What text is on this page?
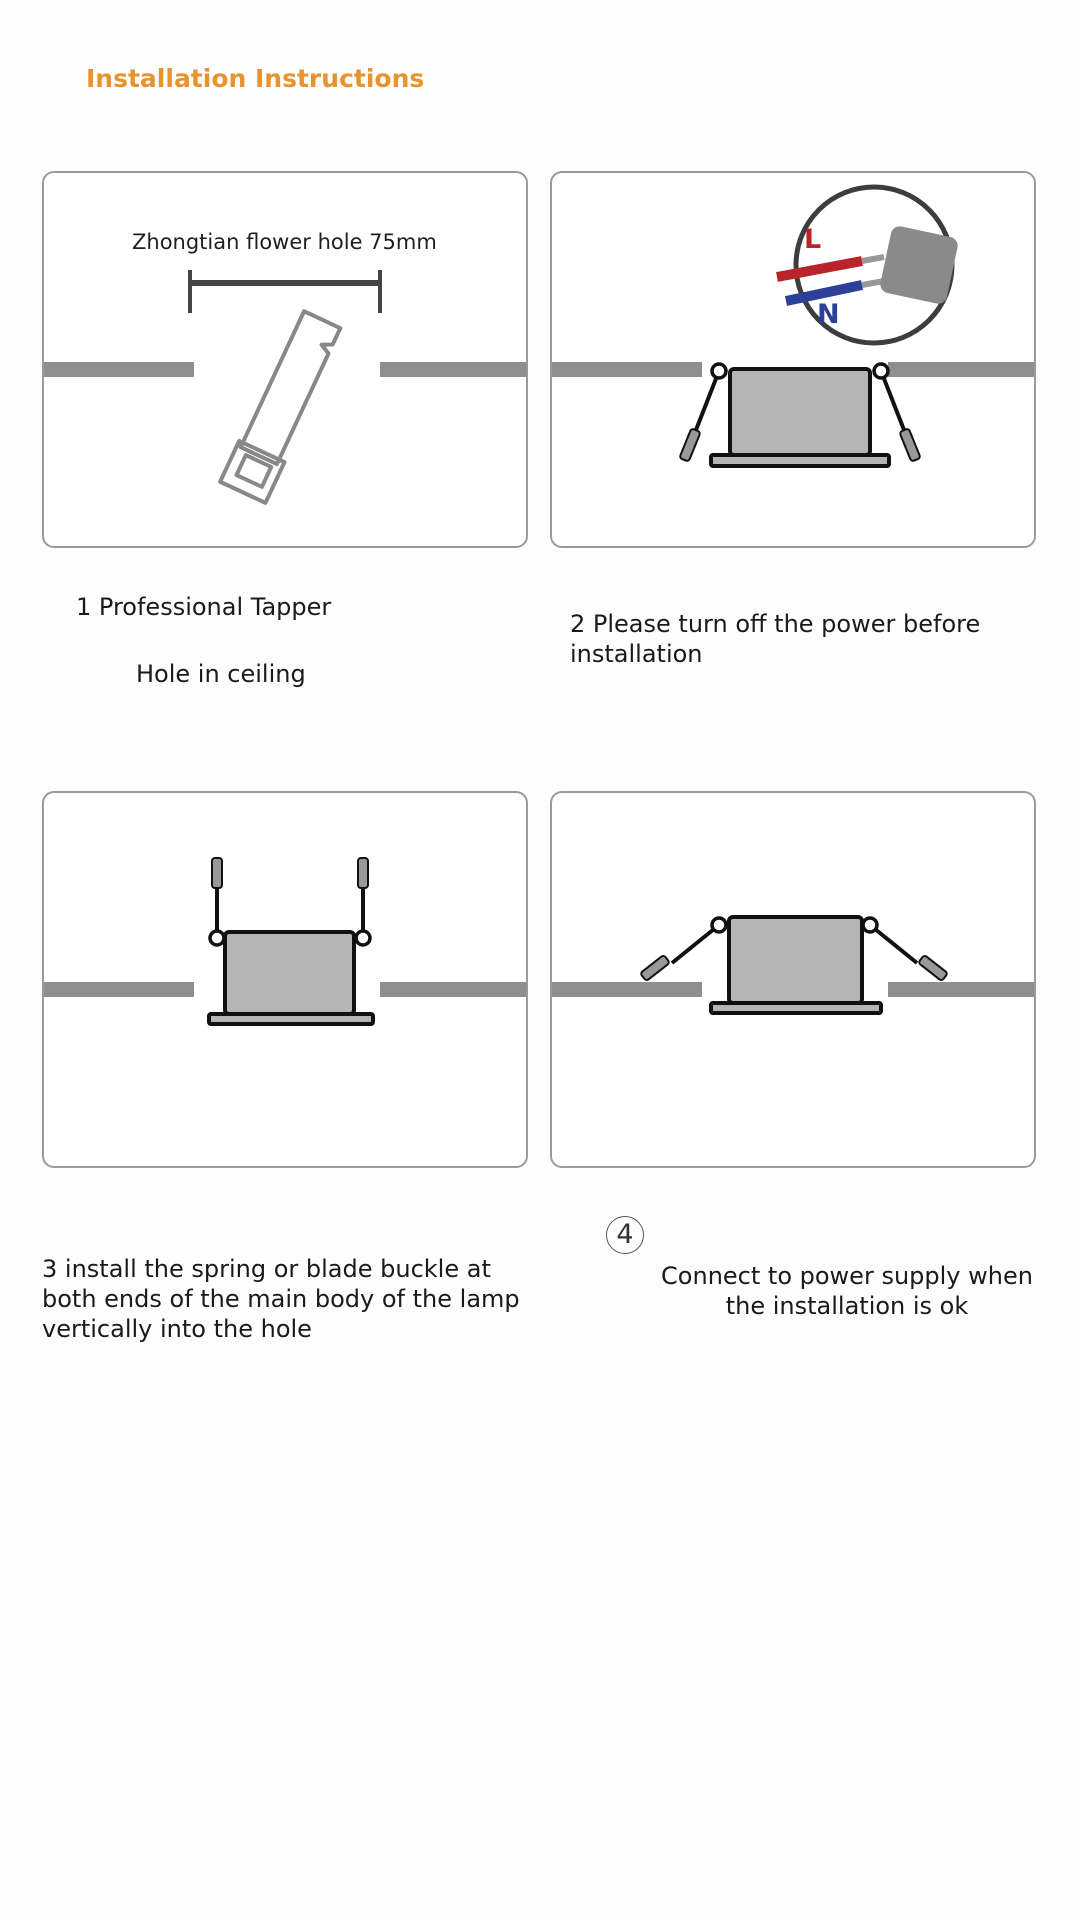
Installation Instructions
Zhongtian flower hole 75mm	L
N
1 Professional Tapper
Hole in ceiling
2 Please turn off the power before installation
3 install the spring or blade buckle at both ends of the main body of the lamp vertically into the hole
4
Connect to power supply when the installation is ok
